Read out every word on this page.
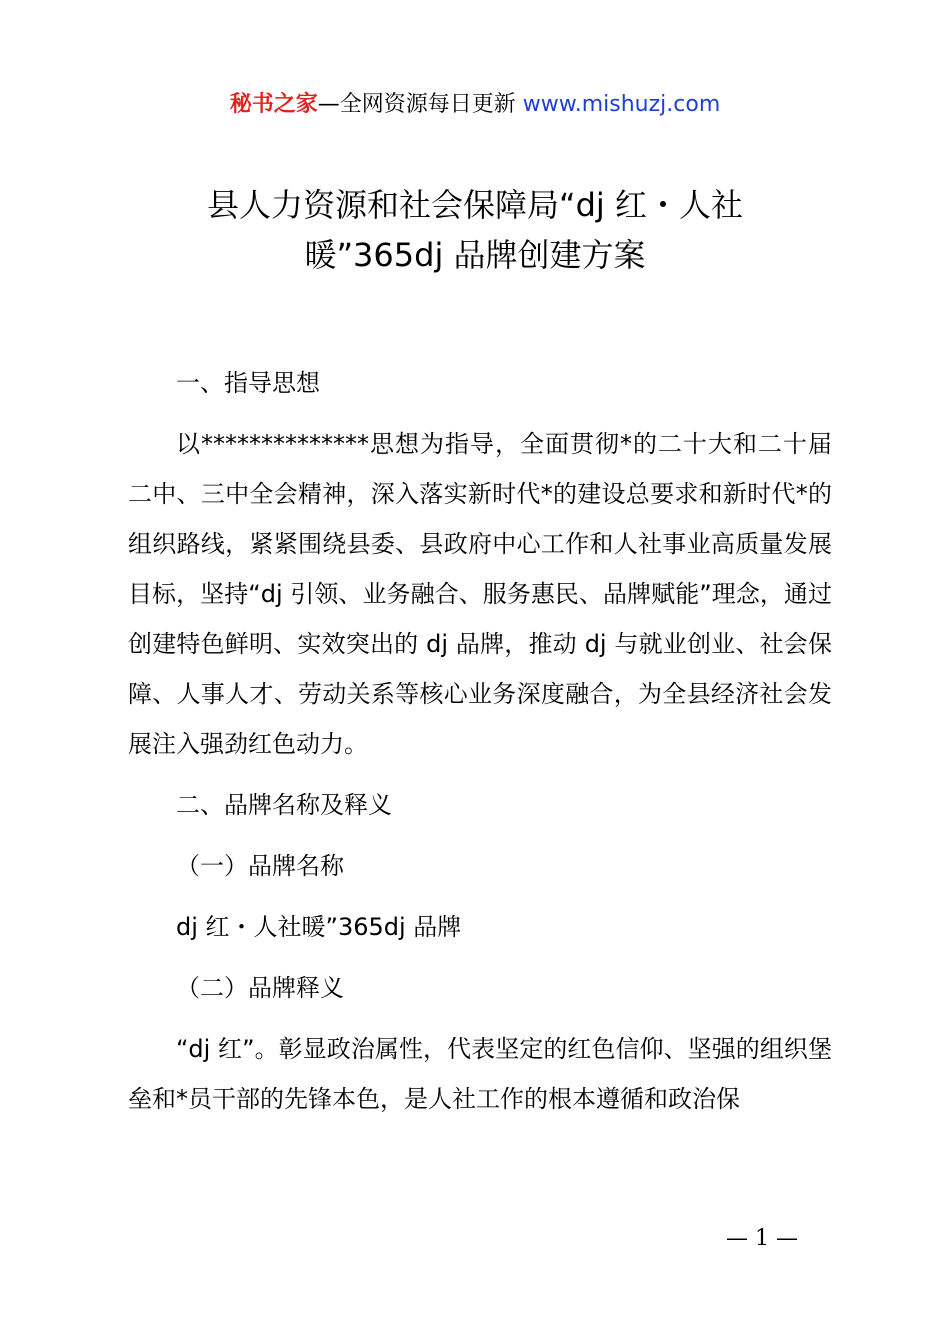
秘书之家—全网资源每日更新 www.mishuzj.com
县人力资源和社会保障局“dj 红・人社
暖”365dj 品牌创建方案

一、指导思想

以**************思想为指导，全面贯彻*的二十大和二十届二中、三中全会精神，深入落实新时代*的建设总要求和新时代*的组织路线，紧紧围绕县委、县政府中心工作和人社事业高质量发展目标，坚持“dj 引领、业务融合、服务惠民、品牌赋能”理念，通过创建特色鲜明、实效突出的 dj 品牌，推动 dj 与就业创业、社会保障、人事人才、劳动关系等核心业务深度融合，为全县经济社会发展注入强劲红色动力。

二、品牌名称及释义

（一）品牌名称

dj 红・人社暖”365dj 品牌

（二）品牌释义

“dj 红”。彰显政治属性，代表坚定的红色信仰、坚强的组织堡垒和*员干部的先锋本色，是人社工作的根本遵循和政治保

— 1 —
